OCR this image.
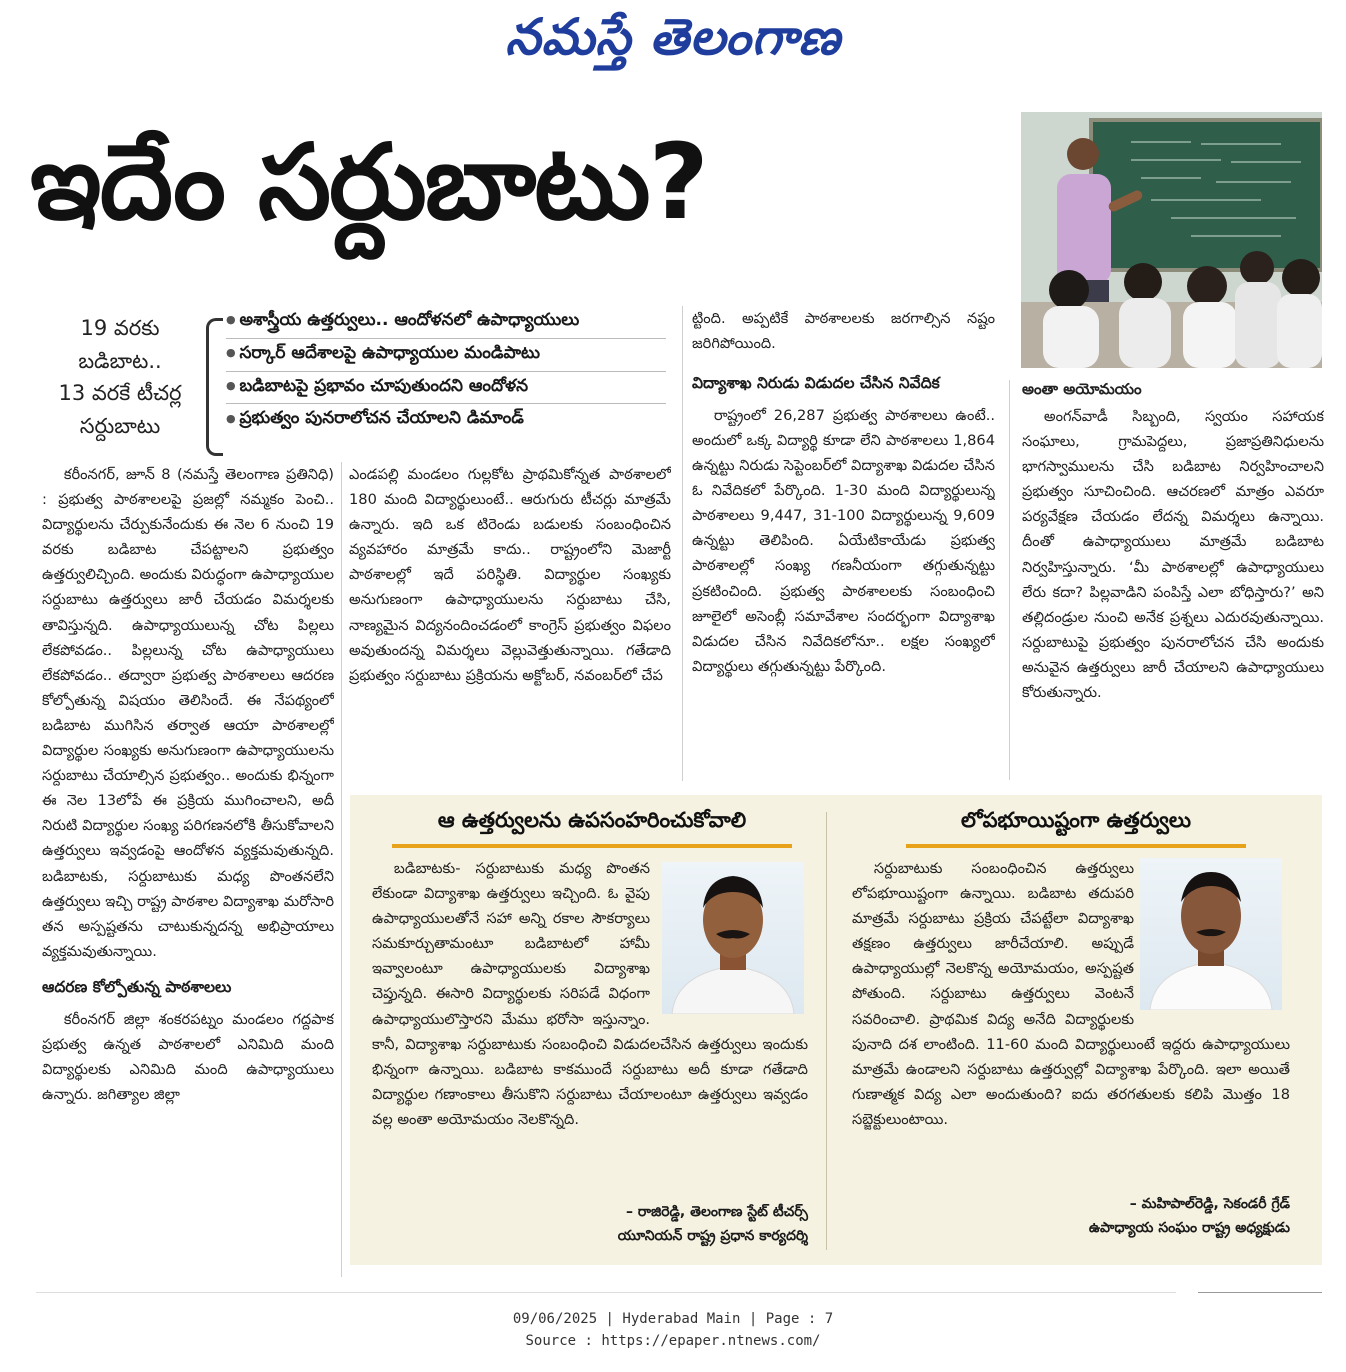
నమస్తే తెలంగాణ
ఇదేం సర్దుబాటు?
అంతా అయోమయం
19 వరకు
బడిబాట..
13 వరకే టీచర్ల
సర్దుబాటు
● అశాస్త్రీయ ఉత్తర్వులు.. ఆందోళనలో ఉపాధ్యాయులు
● సర్కార్ ఆదేశాలపై ఉపాధ్యాయుల మండిపాటు
● బడిబాటపై ప్రభావం చూపుతుందని ఆందోళన
● ప్రభుత్వం పునరాలోచన చేయాలని డిమాండ్

కరీంనగర్, జూన్ 8 (నమస్తే తెలంగాణ ప్రతినిధి) : ప్రభుత్వ పాఠశాలలపై ప్రజల్లో నమ్మకం పెంచి.. విద్యార్థులను చేర్పుకునేందుకు ఈ నెల 6 నుంచి 19 వరకు బడిబాట చేపట్టాలని ప్రభుత్వం ఉత్తర్వులిచ్చింది. అందుకు విరుద్ధంగా ఉపాధ్యాయుల సర్దుబాటు ఉత్తర్వులు జారీ చేయడం విమర్శలకు తావిస్తున్నది. ఉపాధ్యాయులున్న చోట పిల్లలు లేకపోవడం.. పిల్లలున్న చోట ఉపాధ్యాయులు లేకపోవడం.. తద్వారా ప్రభుత్వ పాఠశాలలు ఆదరణ కోల్పోతున్న విషయం తెలిసిందే. ఈ నేపథ్యంలో బడిబాట ముగిసిన తర్వాత ఆయా పాఠశాలల్లో విద్యార్థుల సంఖ్యకు అనుగుణంగా ఉపాధ్యాయులను సర్దుబాటు చేయాల్సిన ప్రభుత్వం.. అందుకు భిన్నంగా ఈ నెల 13లోపే ఈ ప్రక్రియ ముగించాలని, అదీ నిరుటి విద్యార్థుల సంఖ్య పరిగణనలోకి తీసుకోవాలని ఉత్తర్వులు ఇవ్వడంపై ఆందోళన వ్యక్తమవుతున్నది. బడిబాటకు, సర్దుబాటుకు మధ్య పొంతనలేని ఉత్తర్వులు ఇచ్చి రాష్ట్ర పాఠశాల విద్యాశాఖ మరోసారి తన అస్పష్టతను చాటుకున్నదన్న అభిప్రాయాలు వ్యక్తమవుతున్నాయి.

ఆదరణ కోల్పోతున్న పాఠశాలలు

కరీంనగర్ జిల్లా శంకరపట్నం మండలం గద్దపాక ప్రభుత్వ ఉన్నత పాఠశాలలో ఎనిమిది మంది విద్యార్థులకు ఎనిమిది మంది ఉపాధ్యాయులు ఉన్నారు. జగిత్యాల జిల్లా

ఎండపల్లి మండలం గుల్లకోట ప్రాథమికోన్నత పాఠశాలలో 180 మంది విద్యార్థులుంటే.. ఆరుగురు టీచర్లు మాత్రమే ఉన్నారు. ఇది ఒక టిరెండు బడులకు సంబంధించిన వ్యవహారం మాత్రమే కాదు.. రాష్ట్రంలోని మెజార్టీ పాఠశాలల్లో ఇదే పరిస్థితి. విద్యార్థుల సంఖ్యకు అనుగుణంగా ఉపాధ్యాయులను సర్దుబాటు చేసి, నాణ్యమైన విద్యనందించడంలో కాంగ్రెస్ ప్రభుత్వం విఫలం అవుతుందన్న విమర్శలు వెల్లువెత్తుతున్నాయి. గతేడాది ప్రభుత్వం సర్దుబాటు ప్రక్రియను అక్టోబర్, నవంబర్‌లో చేప

ట్టింది. అప్పటికే పాఠశాలలకు జరగాల్సిన నష్టం జరిగిపోయింది.

విద్యాశాఖ నిరుడు విడుదల చేసిన నివేదిక

రాష్ట్రంలో 26,287 ప్రభుత్వ పాఠశాలలు ఉంటే.. అందులో ఒక్క విద్యార్థి కూడా లేని పాఠశాలలు 1,864 ఉన్నట్టు నిరుడు సెప్టెంబర్‌లో విద్యాశాఖ విడుదల చేసిన ఓ నివేదికలో పేర్కొంది. 1-30 మంది విద్యార్థులున్న పాఠశాలలు 9,447, 31-100 విద్యార్థులున్న 9,609 ఉన్నట్టు తెలిపింది. ఏయేటికాయేడు ప్రభుత్వ పాఠశాలల్లో సంఖ్య గణనీయంగా తగ్గుతున్నట్టు ప్రకటించింది. ప్రభుత్వ పాఠశాలలకు సంబంధించి జూలైలో అసెంబ్లీ సమావేశాల సందర్భంగా విద్యాశాఖ విడుదల చేసిన నివేదికలోనూ.. లక్షల సంఖ్యలో విద్యార్థులు తగ్గుతున్నట్టు పేర్కొంది.

అంగన్‌వాడీ సిబ్బంది, స్వయం సహాయక సంఘాలు, గ్రామపెద్దలు, ప్రజాప్రతినిధులను భాగస్వాములను చేసి బడిబాట నిర్వహించాలని ప్రభుత్వం సూచించింది. ఆచరణలో మాత్రం ఎవరూ పర్యవేక్షణ చేయడం లేదన్న విమర్శలు ఉన్నాయి. దీంతో ఉపాధ్యాయులు మాత్రమే బడిబాట నిర్వహిస్తున్నారు. ‘మీ పాఠశాలల్లో ఉపాధ్యాయులు లేరు కదా? పిల్లవాడిని పంపిస్తే ఎలా బోధిస్తారు?’ అని తల్లిదండ్రుల నుంచి అనేక ప్రశ్నలు ఎదురవుతున్నాయి. సర్దుబాటుపై ప్రభుత్వం పునరాలోచన చేసి అందుకు అనువైన ఉత్తర్వులు జారీ చేయాలని ఉపాధ్యాయులు కోరుతున్నారు.

ఆ ఉత్తర్వులను ఉపసంహరించుకోవాలి

బడిబాటకు- సర్దుబాటుకు మధ్య పొంతన లేకుండా విద్యాశాఖ ఉత్తర్వులు ఇచ్చింది. ఓ వైపు ఉపాధ్యాయులతోనే సహా అన్ని రకాల సౌకర్యాలు సమకూర్చుతామంటూ బడిబాటలో హామీ ఇవ్వాలంటూ ఉపాధ్యాయులకు విద్యాశాఖ చెప్తున్నది. ఈసారి విద్యార్థులకు సరిపడే విధంగా ఉపాధ్యాయులొస్తారని మేము భరోసా ఇస్తున్నాం. కానీ, విద్యాశాఖ సర్దుబాటుకు సంబంధించి విడుదలచేసిన ఉత్తర్వులు ఇందుకు భిన్నంగా ఉన్నాయి. బడిబాట కాకముందే సర్దుబాటు అదీ కూడా గతేడాది విద్యార్థుల గణాంకాలు తీసుకొని సర్దుబాటు చేయాలంటూ ఉత్తర్వులు ఇవ్వడం వల్ల అంతా అయోమయం నెలకొన్నది.

లోపభూయిష్టంగా ఉత్తర్వులు

సర్దుబాటుకు సంబంధించిన ఉత్తర్వులు లోపభూయిష్టంగా ఉన్నాయి. బడిబాట తదుపరి మాత్రమే సర్దుబాటు ప్రక్రియ చేపట్టేలా విద్యాశాఖ తక్షణం ఉత్తర్వులు జారీచేయాలి. అప్పుడే ఉపాధ్యాయుల్లో నెలకొన్న అయోమయం, అస్పష్టత పోతుంది. సర్దుబాటు ఉత్తర్వులు వెంటనే సవరించాలి. ప్రాథమిక విద్య అనేది విద్యార్థులకు పునాది దశ లాంటింది. 11-60 మంది విద్యార్థులుంటే ఇద్దరు ఉపాధ్యాయులు మాత్రమే ఉండాలని సర్దుబాటు ఉత్తర్వుల్లో విద్యాశాఖ పేర్కొంది. ఇలా అయితే గుణాత్మక విద్య ఎలా అందుతుంది? ఐదు తరగతులకు కలిపి మొత్తం 18 సబ్జెక్టులుంటాయి.

– రాజిరెడ్డి, తెలంగాణ స్టేట్ టీచర్స్
యూనియన్ రాష్ట్ర ప్రధాన కార్యదర్శి
– మహిపాల్‌రెడ్డి, సెకండరీ గ్రేడ్
ఉపాధ్యాయ సంఘం రాష్ట్ర అధ్యక్షుడు
09/06/2025 | Hyderabad Main | Page : 7
Source : https://epaper.ntnews.com/
